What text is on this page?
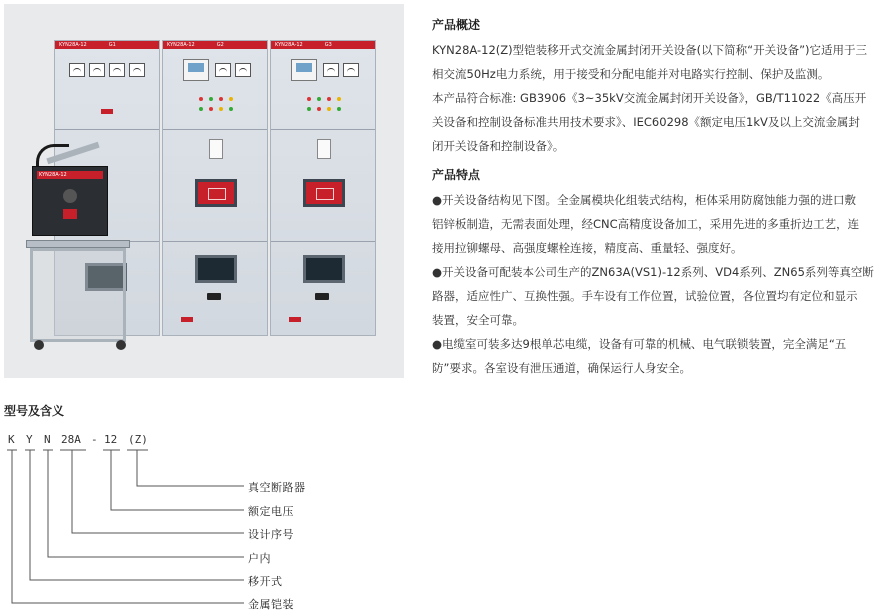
KYN28A-12	G1	KYN28A-12	G2	KYN28A-12	G3
KYN28A-12
产品概述
KYN28A-12(Z)型铠装移开式交流金属封闭开关设备(以下简称“开关设备”)它适用于三
相交流50Hz电力系统，用于接受和分配电能并对电路实行控制、保护及监测。
本产品符合标准: GB3906《3~35kV交流金属封闭开关设备》，GB/T11022《高压开
关设备和控制设备标准共用技术要求》、IEC60298《额定电压1kV及以上交流金属封
闭开关设备和控制设备》。
产品特点
●开关设备结构见下图。全金属模块化组装式结构，柜体采用防腐蚀能力强的进口敷
铝锌板制造，无需表面处理，经CNC高精度设备加工，采用先进的多重折边工艺，连
接用拉铆螺母、高强度螺栓连接，精度高、重量轻、强度好。
●开关设备可配装本公司生产的ZN63A(VS1)-12系列、VD4系列、ZN65系列等真空断
路器，适应性广、互换性强。手车设有工作位置，试验位置，各位置均有定位和显示
装置，安全可靠。
●电缆室可装多达9根单芯电缆，设备有可靠的机械、电气联锁装置，完全满足“五
防”要求。各室设有泄压通道，确保运行人身安全。
型号及含义
K Y N 28A - 12 (Z)
真空断路器
额定电压
设计序号
户内
移开式
金属铠装
